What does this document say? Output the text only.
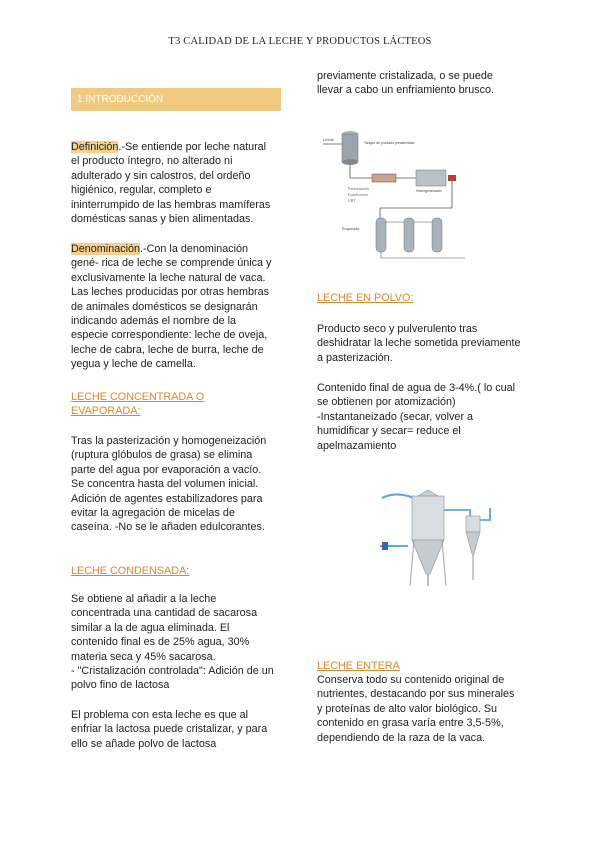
T3 CALIDAD DE LA LECHE Y PRODUCTOS LÁCTEOS
1.INTRODUCCIÓN

Definición.-Se entiende por leche natural

el producto íntegro, no alterado ni

adulterado y sin calostros, del ordeño

higiénico, regular, completo e

ininterrumpido de las hembras mamíferas

domésticas sanas y bien alimentadas.

Denominación.-Con la denominación

gené- rica de leche se comprende única y

exclusivamente la leche natural de vaca.

Las leches producidas por otras hembras

de animales domésticos se designarán

indicando además el nombre de la

especie correspondiente: leche de oveja,

leche de cabra, leche de burra, leche de

yegua y leche de camella.

LECHE CONCENTRADA O

EVAPORADA:

Tras la pasterización y homogeneización

(ruptura glóbulos de grasa) se elimina

parte del agua por evaporación a vacío.

Se concentra hasta del volumen inicial.

Adición de agentes estabilizadores para

evitar la agregación de micelas de

caseína. -No se le añaden edulcorantes.

LECHE CONDENSADA:

Se obtiene al añadir a la leche

concentrada una cantidad de sacarosa

similar a la de agua eliminada. El

contenido final es de 25% agua, 30%

materia seca y 45% sacarosa.

- "Cristalización controlada": Adición de un

polvo fino de lactosa

El problema con esta leche es que al

enfriar la lactosa puede cristalizar, y para

ello se añade polvo de lactosa

previamente cristalizada, o se puede

llevar a cabo un enfriamiento brusco.

Leche
Tanque de producto precalentado
Pasteurización
Esterilización
UHT
Homogeneizador
Evaporador

LECHE EN POLVO:

Producto seco y pulverulento tras

deshidratar la leche sometida previamente

a pasterización.

Contenido final de agua de 3-4%.( lo cual

se obtienen por atomización)

-Instantaneizado (secar, volver a

humidificar y secar= reduce el

apelmazamiento

LECHE ENTERA

Conserva todo su contenido original de

nutrientes, destacando por sus minerales

y proteínas de alto valor biológico. Su

contenido en grasa varía entre 3,5-5%,

dependiendo de la raza de la vaca.
